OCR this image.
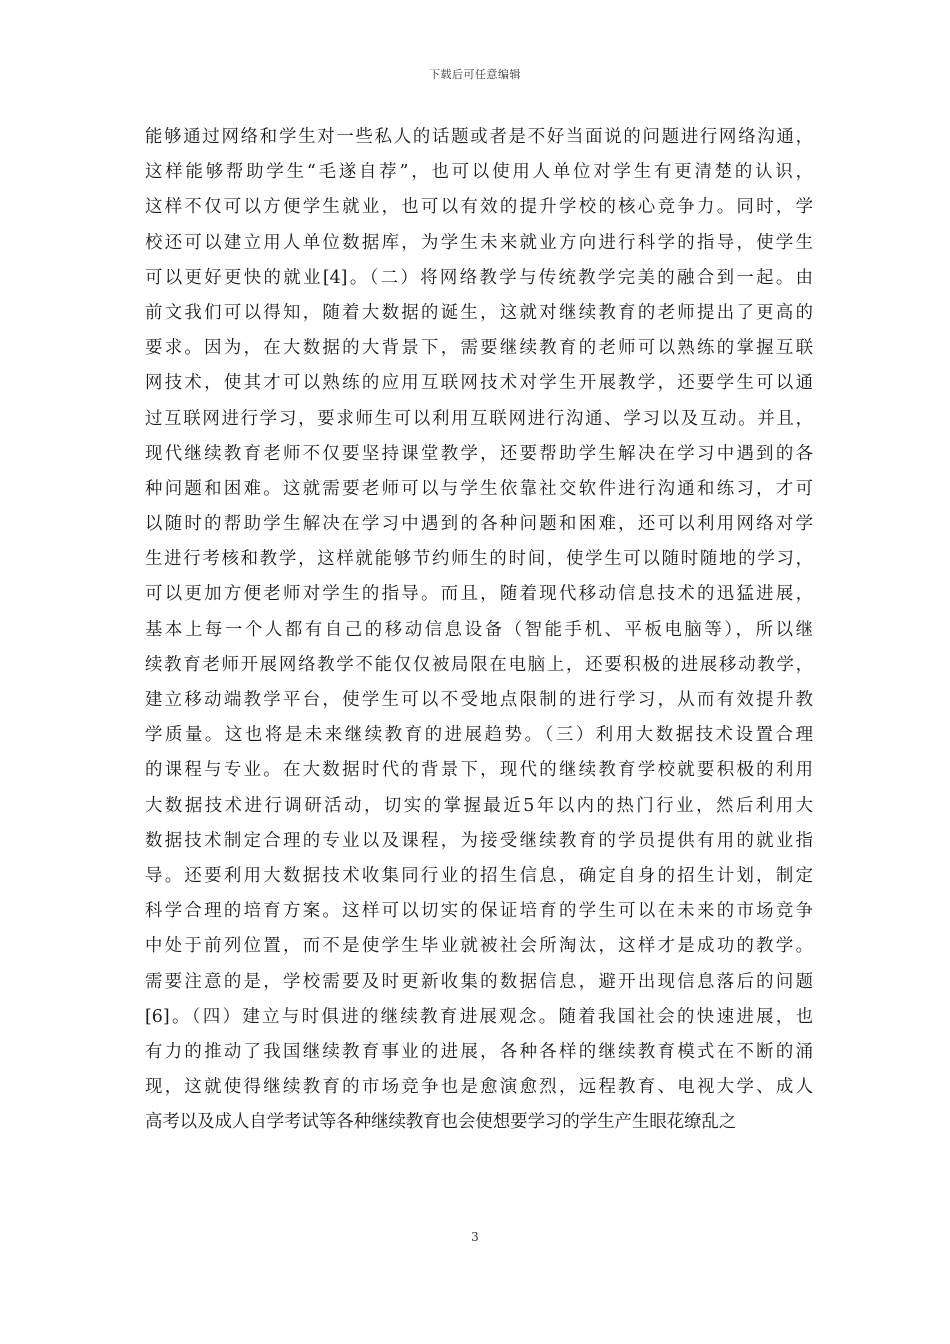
下载后可任意编辑
能够通过网络和学生对一些私人的话题或者是不好当面说的问题进行网络沟通，
这样能够帮助学生“毛遂自荐”，也可以使用人单位对学生有更清楚的认识，
这样不仅可以方便学生就业，也可以有效的提升学校的核心竞争力。同时，学
校还可以建立用人单位数据库，为学生未来就业方向进行科学的指导，使学生
可以更好更快的就业[4]。（二）将网络教学与传统教学完美的融合到一起。由
前文我们可以得知，随着大数据的诞生，这就对继续教育的老师提出了更高的
要求。因为，在大数据的大背景下，需要继续教育的老师可以熟练的掌握互联
网技术，使其才可以熟练的应用互联网技术对学生开展教学，还要学生可以通
过互联网进行学习，要求师生可以利用互联网进行沟通、学习以及互动。并且，
现代继续教育老师不仅要坚持课堂教学，还要帮助学生解决在学习中遇到的各
种问题和困难。这就需要老师可以与学生依靠社交软件进行沟通和练习，才可
以随时的帮助学生解决在学习中遇到的各种问题和困难，还可以利用网络对学
生进行考核和教学，这样就能够节约师生的时间，使学生可以随时随地的学习，
可以更加方便老师对学生的指导。而且，随着现代移动信息技术的迅猛进展，
基本上每一个人都有自己的移动信息设备（智能手机、平板电脑等），所以继
续教育老师开展网络教学不能仅仅被局限在电脑上，还要积极的进展移动教学，
建立移动端教学平台，使学生可以不受地点限制的进行学习，从而有效提升教
学质量。这也将是未来继续教育的进展趋势。（三）利用大数据技术设置合理
的课程与专业。在大数据时代的背景下，现代的继续教育学校就要积极的利用
大数据技术进行调研活动，切实的掌握最近5年以内的热门行业，然后利用大
数据技术制定合理的专业以及课程，为接受继续教育的学员提供有用的就业指
导。还要利用大数据技术收集同行业的招生信息，确定自身的招生计划，制定
科学合理的培育方案。这样可以切实的保证培育的学生可以在未来的市场竞争
中处于前列位置，而不是使学生毕业就被社会所淘汰，这样才是成功的教学。
需要注意的是，学校需要及时更新收集的数据信息，避开出现信息落后的问题
[6]。（四）建立与时俱进的继续教育进展观念。随着我国社会的快速进展，也
有力的推动了我国继续教育事业的进展，各种各样的继续教育模式在不断的涌
现，这就使得继续教育的市场竞争也是愈演愈烈，远程教育、电视大学、成人
高考以及成人自学考试等各种继续教育也会使想要学习的学生产生眼花缭乱之
3
